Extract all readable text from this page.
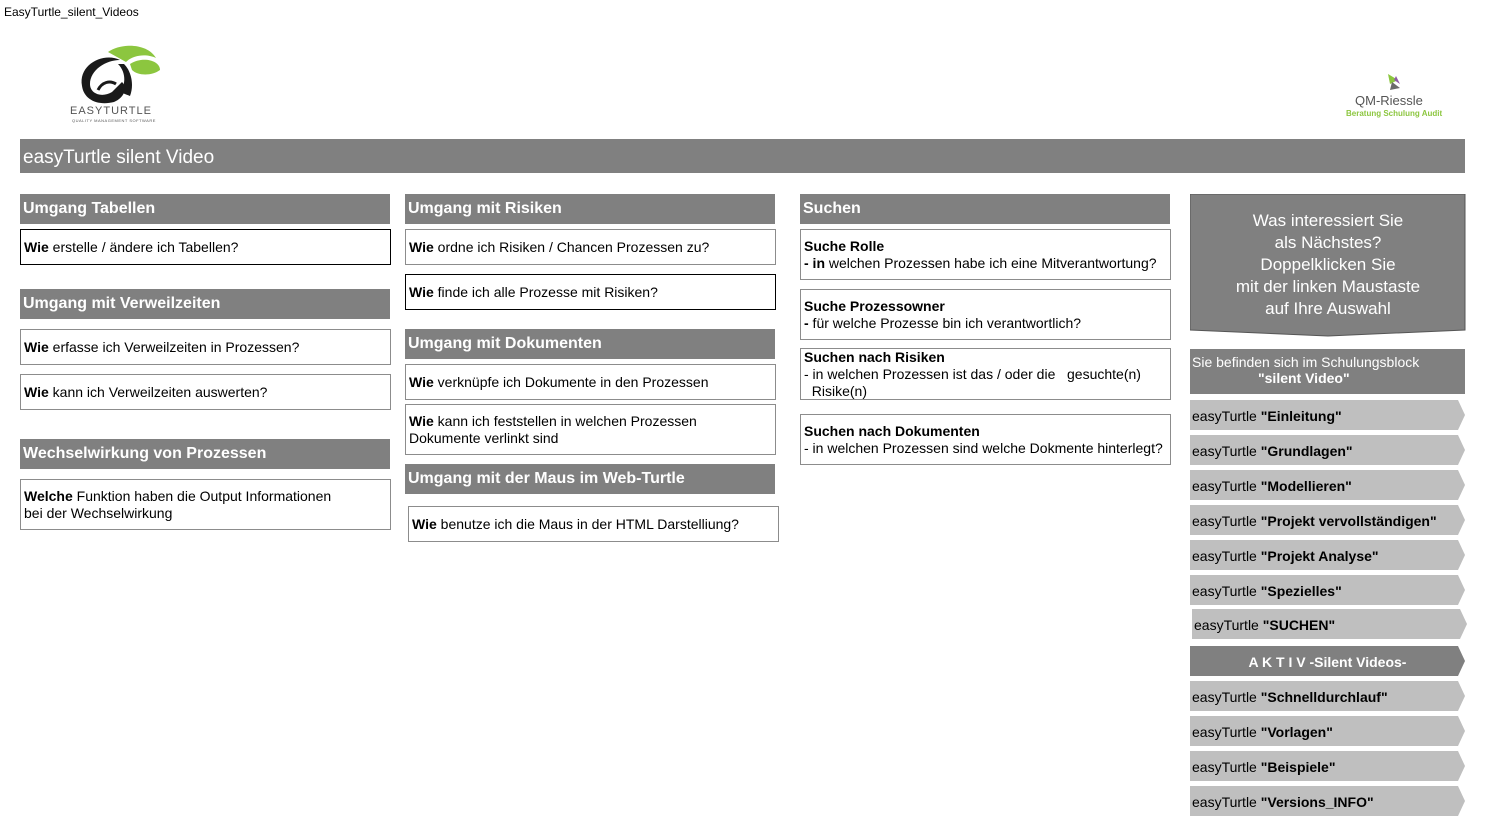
EasyTurtle_silent_Videos
EASYTURTLE
QUALITY MANAGEMENT SOFTWARE
QM-Riessle
Beratung Schulung Audit
easyTurtle silent Video
Umgang Tabellen
Wie erstelle / ändere ich Tabellen?
Umgang mit Verweilzeiten
Wie erfasse ich Verweilzeiten in Prozessen?
Wie kann ich Verweilzeiten auswerten?
Wechselwirkung von Prozessen
Welche Funktion haben die Output Informationen
bei der Wechselwirkung
Umgang mit Risiken
Wie ordne ich Risiken / Chancen Prozessen zu?
Wie finde ich alle Prozesse mit Risiken?
Umgang mit Dokumenten
Wie verknüpfe ich Dokumente in den Prozessen
Wie kann ich feststellen in welchen Prozessen
Dokumente verlinkt sind
Umgang mit der Maus im Web-Turtle
Wie benutze ich die Maus in der HTML Darstelliung?
Suchen
Suche Rolle
- in welchen Prozessen habe ich eine Mitverantwortung?
Suche Prozessowner
- für welche Prozesse bin ich verantwortlich?
Suchen nach Risiken
- in welchen Prozessen ist das / oder die   gesuchte(n)
Risike(n)
Suchen nach Dokumenten
- in welchen Prozessen sind welche Dokmente hinterlegt?
Was interessiert Sie
als Nächstes?
Doppelklicken Sie
mit der linken Maustaste
auf Ihre Auswahl
Sie befinden sich im Schulungsblock
"silent Video"
easyTurtle "Einleitung"
easyTurtle "Grundlagen"
easyTurtle "Modellieren"
easyTurtle "Projekt vervollständigen"
easyTurtle "Projekt Analyse"
easyTurtle "Spezielles"
easyTurtle "SUCHEN"
A K T I V -Silent Videos-
easyTurtle "Schnelldurchlauf"
easyTurtle "Vorlagen"
easyTurtle "Beispiele"
easyTurtle "Versions_INFO"
